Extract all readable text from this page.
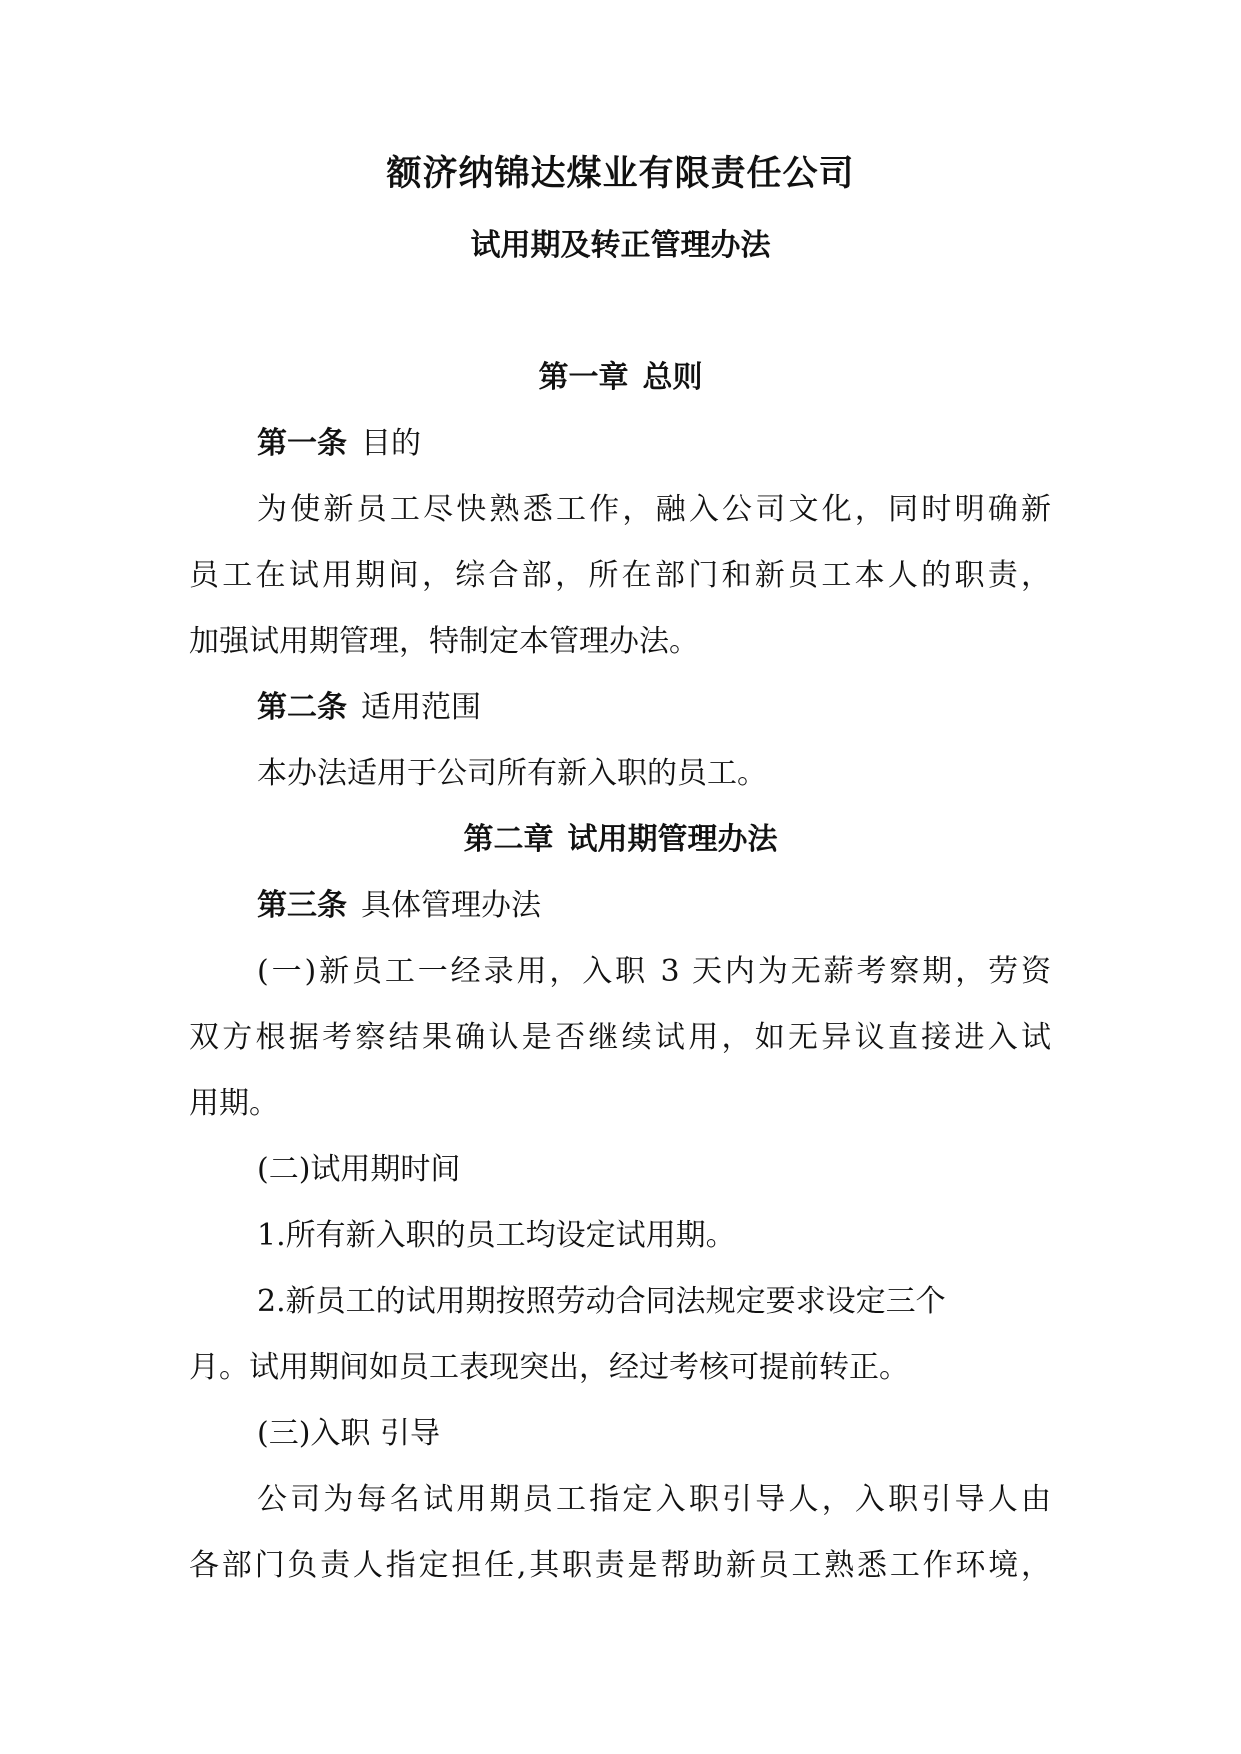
额济纳锦达煤业有限责任公司
试用期及转正管理办法
第一章 总则
第一条 目的
为使新员工尽快熟悉工作，融入公司文化，同时明确新
员工在试用期间，综合部，所在部门和新员工本人的职责，
加强试用期管理，特制定本管理办法。
第二条 适用范围
本办法适用于公司所有新入职的员工。
第二章 试用期管理办法
第三条 具体管理办法
(一)新员工一经录用，入职 3 天内为无薪考察期，劳资
双方根据考察结果确认是否继续试用，如无异议直接进入试
用期。
(二)试用期时间
1.所有新入职的员工均设定试用期。
2.新员工的试用期按照劳动合同法规定要求设定三个
月。试用期间如员工表现突出，经过考核可提前转正。
(三)入职 引导
公司为每名试用期员工指定入职引导人，入职引导人由
各部门负责人指定担任,其职责是帮助新员工熟悉工作环境，
